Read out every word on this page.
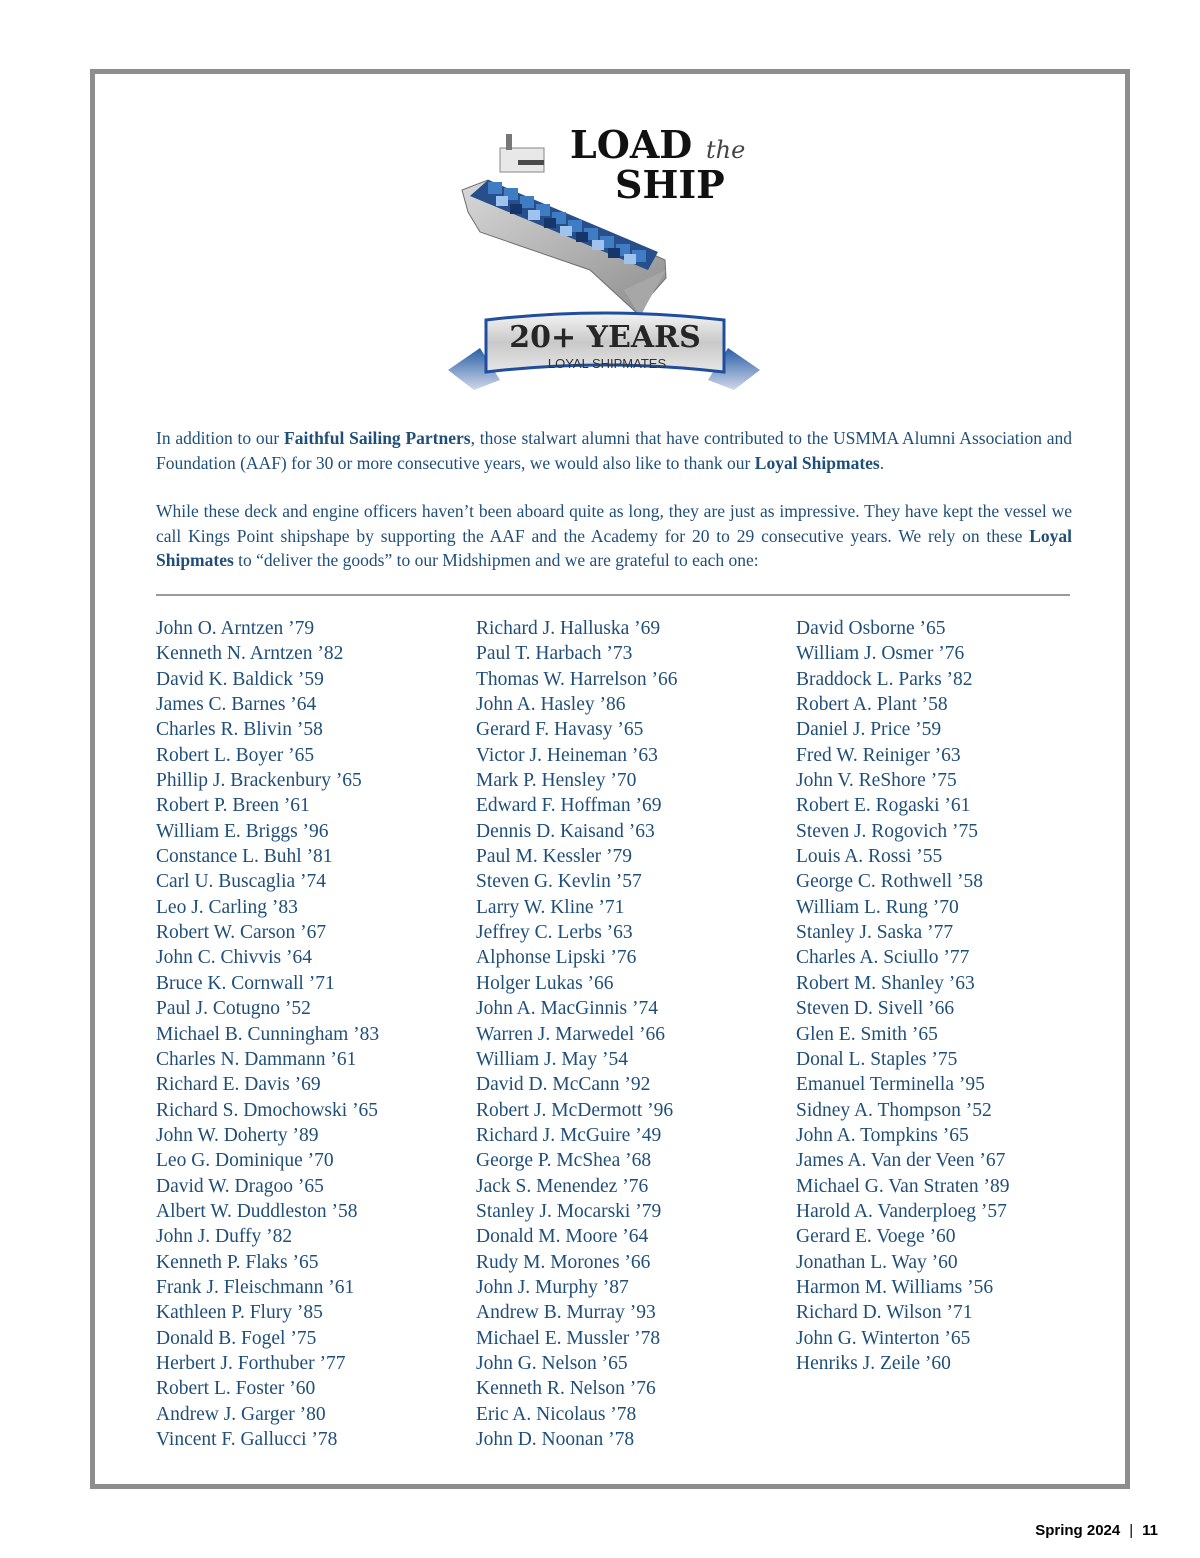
LOAD the
SHIP
20+ YEARS
LOYAL SHIPMATES

In addition to our Faithful Sailing Partners, those stalwart alumni that have contributed to the USMMA Alumni Association and Foundation (AAF) for 30 or more consecutive years, we would also like to thank our Loyal Shipmates.

While these deck and engine officers haven’t been aboard quite as long, they are just as impressive. They have kept the vessel we call Kings Point shipshape by supporting the AAF and the Academy for 20 to 29 consecutive years. We rely on these Loyal Shipmates to “deliver the goods” to our Midshipmen and we are grateful to each one:

John O. Arntzen ’79
Kenneth N. Arntzen ’82
David K. Baldick ’59
James C. Barnes ’64
Charles R. Blivin ’58
Robert L. Boyer ’65
Phillip J. Brackenbury ’65
Robert P. Breen ’61
William E. Briggs ’96
Constance L. Buhl ’81
Carl U. Buscaglia ’74
Leo J. Carling ’83
Robert W. Carson ’67
John C. Chivvis ’64
Bruce K. Cornwall ’71
Paul J. Cotugno ’52
Michael B. Cunningham ’83
Charles N. Dammann ’61
Richard E. Davis ’69
Richard S. Dmochowski ’65
John W. Doherty ’89
Leo G. Dominique ’70
David W. Dragoo ’65
Albert W. Duddleston ’58
John J. Duffy ’82
Kenneth P. Flaks ’65
Frank J. Fleischmann ’61
Kathleen P. Flury ’85
Donald B. Fogel ’75
Herbert J. Forthuber ’77
Robert L. Foster ’60
Andrew J. Garger ’80
Vincent F. Gallucci ’78
Richard J. Halluska ’69
Paul T. Harbach ’73
Thomas W. Harrelson ’66
John A. Hasley ’86
Gerard F. Havasy ’65
Victor J. Heineman ’63
Mark P. Hensley ’70
Edward F. Hoffman ’69
Dennis D. Kaisand ’63
Paul M. Kessler ’79
Steven G. Kevlin ’57
Larry W. Kline ’71
Jeffrey C. Lerbs ’63
Alphonse Lipski ’76
Holger Lukas ’66
John A. MacGinnis ’74
Warren J. Marwedel ’66
William J. May ’54
David D. McCann ’92
Robert J. McDermott ’96
Richard J. McGuire ’49
George P. McShea ’68
Jack S. Menendez ’76
Stanley J. Mocarski ’79
Donald M. Moore ’64
Rudy M. Morones ’66
John J. Murphy ’87
Andrew B. Murray ’93
Michael E. Mussler ’78
John G. Nelson ’65
Kenneth R. Nelson ’76
Eric A. Nicolaus ’78
John D. Noonan ’78
David Osborne ’65
William J. Osmer ’76
Braddock L. Parks ’82
Robert A. Plant ’58
Daniel J. Price ’59
Fred W. Reiniger ’63
John V. ReShore ’75
Robert E. Rogaski ’61
Steven J. Rogovich ’75
Louis A. Rossi ’55
George C. Rothwell ’58
William L. Rung ’70
Stanley J. Saska ’77
Charles A. Sciullo ’77
Robert M. Shanley ’63
Steven D. Sivell ’66
Glen E. Smith ’65
Donal L. Staples ’75
Emanuel Terminella ’95
Sidney A. Thompson ’52
John A. Tompkins ’65
James A. Van der Veen ’67
Michael G. Van Straten ’89
Harold A. Vanderploeg ’57
Gerard E. Voege ’60
Jonathan L. Way ’60
Harmon M. Williams ’56
Richard D. Wilson ’71
John G. Winterton ’65
Henriks J. Zeile ’60
Spring 2024 | 11
